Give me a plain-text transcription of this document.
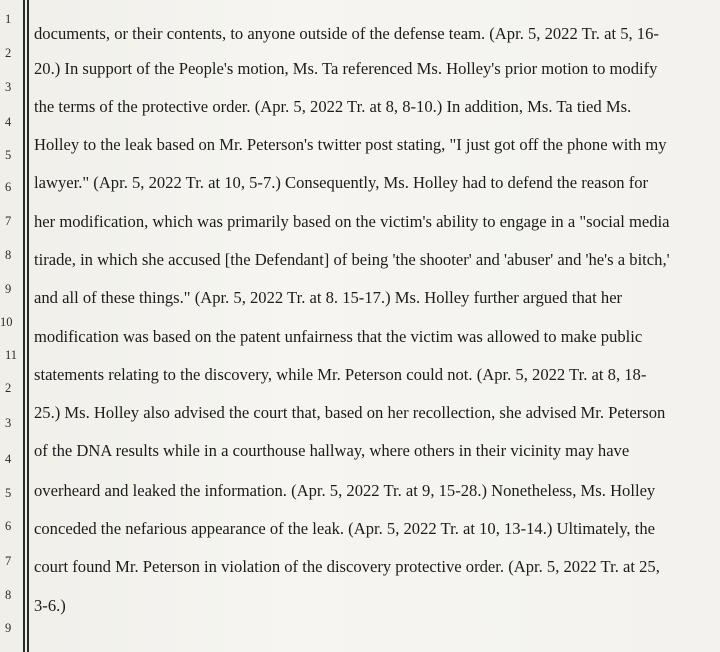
1
2
3
4
5
6
7
8
9
10
11
2
3
4
5
6
7
8
9
documents, or their contents, to anyone outside of the defense team. (Apr. 5, 2022 Tr. at 5, 16-
20.) In support of the People's motion, Ms. Ta referenced Ms. Holley's prior motion to modify
the terms of the protective order. (Apr. 5, 2022 Tr. at 8, 8-10.) In addition, Ms. Ta tied Ms.
Holley to the leak based on Mr. Peterson's twitter post stating, "I just got off the phone with my
lawyer." (Apr. 5, 2022 Tr. at 10, 5-7.) Consequently, Ms. Holley had to defend the reason for
her modification, which was primarily based on the victim's ability to engage in a "social media
tirade, in which she accused [the Defendant] of being 'the shooter' and 'abuser' and 'he's a bitch,'
and all of these things." (Apr. 5, 2022 Tr. at 8. 15-17.) Ms. Holley further argued that her
modification was based on the patent unfairness that the victim was allowed to make public
statements relating to the discovery, while Mr. Peterson could not. (Apr. 5, 2022 Tr. at 8, 18-
25.) Ms. Holley also advised the court that, based on her recollection, she advised Mr. Peterson
of the DNA results while in a courthouse hallway, where others in their vicinity may have
overheard and leaked the information. (Apr. 5, 2022 Tr. at 9, 15-28.) Nonetheless, Ms. Holley
conceded the nefarious appearance of the leak. (Apr. 5, 2022 Tr. at 10, 13-14.) Ultimately, the
court found Mr. Peterson in violation of the discovery protective order. (Apr. 5, 2022 Tr. at 25,
3-6.)
